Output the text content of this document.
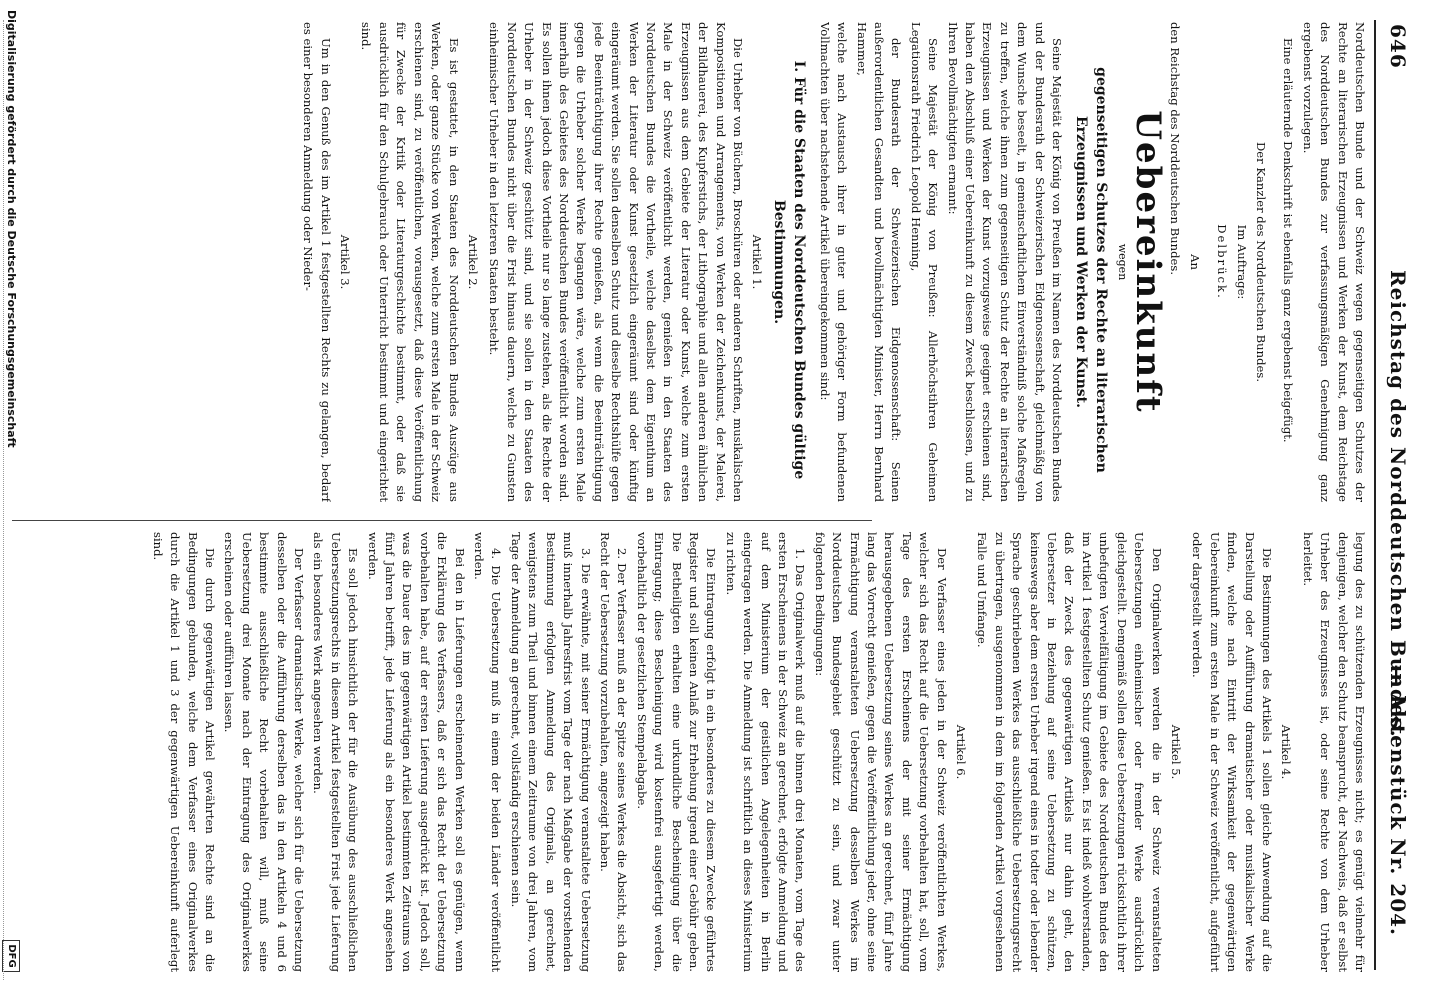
646
Reichstag des Norddeutschen Bundes.
— Aktenstück Nr. 204.

Norddeutschen Bunde und der Schweiz wegen gegenseitigen Schutzes der Rechte an literarischen Erzeugnissen und Werken der Kunst, dem Reichstage des Norddeutschen Bundes zur verfassungsmäßigen Genehmigung ganz ergebenst vorzulegen.

Eine erläuternde Denkschrift ist ebenfalls ganz ergebenst beigefügt.

Der Kanzler des Norddeutschen Bundes.

Im Auftrage:

Delbrück.

An

den Reichstag des Norddeutschen Bundes.

Uebereinkunft

wegen

gegenseitigen Schutzes der Rechte an literarischen Erzeugnissen und Werken der Kunst.

Seine Majestät der König von Preußen im Namen des Norddeutschen Bundes und der Bundesrath der Schweizerischen Eidgenossenschaft, gleichmäßig von dem Wunsche beseelt, in gemeinschaftlichem Einverständniß solche Maßregeln zu treffen, welche ihnen zum gegenseitigen Schutz der Rechte an literarischen Erzeugnissen und Werken der Kunst vorzugsweise geeignet erschienen sind, haben den Abschluß einer Uebereinkunft zu diesem Zweck beschlossen, und zu Ihren Bevollmächtigten ernannt:

Seine Majestät der König von Preußen: Allerhöchstihren Geheimen Legationsrath Friedrich Leopold Henning,

der Bundesrath der Schweizerischen Eidgenossenschaft: Seinen außerordentlichen Gesandten und bevollmächtigten Minister, Herrn Bernhard Hammer,

welche nach Austausch ihrer in guter und gehöriger Form befundenen Vollmachten über nachstehende Artikel übereingekommen sind:

I. Für die Staaten des Norddeutschen Bundes gültige Bestimmungen.

Artikel 1.

Die Urheber von Büchern, Broschüren oder anderen Schriften, musikalischen Kompositionen und Arrangements, von Werken der Zeichenkunst, der Malerei, der Bildhauerei, des Kupferstichs, der Lithographie und allen anderen ähnlichen Erzeugnissen aus dem Gebiete der Literatur oder Kunst, welche zum ersten Male in der Schweiz veröffentlicht werden, genießen in den Staaten des Norddeutschen Bundes die Vortheile, welche daselbst dem Eigenthum an Werken der Literatur oder Kunst gesetzlich eingeräumt sind oder künftig eingeräumt werden. Sie sollen denselben Schutz und dieselbe Rechtshülfe gegen jede Beeinträchtigung ihrer Rechte genießen, als wenn die Beeinträchtigung gegen die Urheber solcher Werke begangen wäre, welche zum ersten Male innerhalb des Gebietes des Norddeutschen Bundes veröffentlicht worden sind. Es sollen ihnen jedoch diese Vortheile nur so lange zustehen, als die Rechte der Urheber in der Schweiz geschützt sind, und sie sollen in den Staaten des Norddeutschen Bundes nicht über die Frist hinaus dauern, welche zu Gunsten einheimischer Urheber in den letzteren Staaten besteht.

Artikel 2.

Es ist gestattet, in den Staaten des Norddeutschen Bundes Auszüge aus Werken, oder ganze Stücke von Werken, welche zum ersten Male in der Schweiz erschienen sind, zu veröffentlichen, vorausgesetzt, daß diese Veröffentlichung für Zwecke der Kritik oder Literaturgeschichte bestimmt, oder daß sie ausdrücklich für den Schulgebrauch oder Unterricht bestimmt und eingerichtet sind.

Artikel 3.

Um in den Genuß des im Artikel 1 festgestellten Rechts zu gelangen, bedarf es einer besonderen Anmeldung oder Nieder-

legung des zu schützenden Erzeugnisses nicht; es genügt vielmehr für denjenigen, welcher den Schutz beansprucht, der Nachweis, daß er selbst Urheber des Erzeugnisses ist, oder seine Rechte von dem Urheber herleitet.

Artikel 4.

Die Bestimmungen des Artikels 1 sollen gleiche Anwendung auf die Darstellung oder Aufführung dramatischer oder musikalischer Werke finden, welche nach Eintritt der Wirksamkeit der gegenwärtigen Uebereinkunft zum ersten Male in der Schweiz veröffentlicht, aufgeführt oder dargestellt werden.

Artikel 5.

Den Originalwerken werden die in der Schweiz veranstalteten Uebersetzungen einheimischer oder fremder Werke ausdrücklich gleichgestellt. Demgemäß sollen diese Uebersetzungen rücksichtlich ihrer unbefugten Vervielfältigung im Gebiete des Norddeutschen Bundes den im Artikel 1 festgestellten Schutz genießen. Es ist indeß wohlverstanden, daß der Zweck des gegenwärtigen Artikels nur dahin geht, den Uebersetzer in Beziehung auf seine Uebersetzung zu schützen, keineswegs aber dem ersten Urheber irgend eines in todter oder lebender Sprache geschriebenen Werkes das ausschließliche Uebersetzungsrecht zu übertragen, ausgenommen in dem im folgenden Artikel vorgesehenen Falle und Umfange.

Artikel 6.

Der Verfasser eines jeden in der Schweiz veröffentlichten Werkes, welcher sich das Recht auf die Uebersetzung vorbehalten hat, soll, vom Tage des ersten Erscheinens der mit seiner Ermächtigung herausgegebenen Uebersetzung seines Werkes an gerechnet, fünf Jahre lang das Vorrecht genießen, gegen die Veröffentlichung jeder, ohne seine Ermächtigung veranstalteten Uebersetzung desselben Werkes im Norddeutschen Bundesgebiet geschützt zu sein, und zwar unter folgenden Bedingungen:

1. Das Originalwerk muß auf die binnen drei Monaten, vom Tage des ersten Erscheinens in der Schweiz an gerechnet, erfolgte Anmeldung und auf dem Ministerium der geistlichen Angelegenheiten in Berlin eingetragen werden. Die Anmeldung ist schriftlich an dieses Ministerium zu richten.

Die Eintragung erfolgt in ein besonderes zu diesem Zwecke geführtes Register und soll keinen Anlaß zur Erhebung irgend einer Gebühr geben. Die Betheiligten erhalten eine urkundliche Bescheinigung über die Eintragung; diese Bescheinigung wird kostenfrei ausgefertigt werden, vorbehaltlich der gesetzlichen Stempelabgabe.

2. Der Verfasser muß an der Spitze seines Werkes die Absicht, sich das Recht der Uebersetzung vorzubehalten, angezeigt haben.

3. Die erwähnte, mit seiner Ermächtigung veranstaltete Uebersetzung muß innerhalb Jahresfrist vom Tage der nach Maßgabe der vorstehenden Bestimmung erfolgten Anmeldung des Originals, an gerechnet, wenigstens zum Theil und binnen einem Zeitraume von drei Jahren, vom Tage der Anmeldung an gerechnet, vollständig erschienen sein.

4. Die Uebersetzung muß in einem der beiden Länder veröffentlicht werden.

Bei den in Lieferungen erscheinenden Werken soll es genügen, wenn die Erklärung des Verfassers, daß er sich das Recht der Uebersetzung vorbehalten habe, auf der ersten Lieferung ausgedrückt ist. Jedoch soll, was die Dauer des im gegenwärtigen Artikel bestimmten Zeitraums von fünf Jahren betrifft, jede Lieferung als ein besonderes Werk angesehen werden.

Es soll jedoch hinsichtlich der für die Ausübung des ausschließlichen Uebersetzungsrechts in diesem Artikel festgestellten Frist jede Lieferung als ein besonderes Werk angesehen werden.

Der Verfasser dramatischer Werke, welcher sich für die Uebersetzung desselben oder die Aufführung derselben das in den Artikeln 4 und 6 bestimmte ausschließliche Recht vorbehalten will, muß seine Uebersetzung drei Monate nach der Eintragung des Originalwerkes erscheinen oder aufführen lassen.

Die durch gegenwärtigen Artikel gewährten Rechte sind an die Bedingungen gebunden, welche dem Verfasser eines Originalwerkes durch die Artikel 1 und 3 der gegenwärtigen Uebereinkunft auferlegt sind.

Digitalisierung gefördert durch die Deutsche Forschungsgemeinschaft
DFG
